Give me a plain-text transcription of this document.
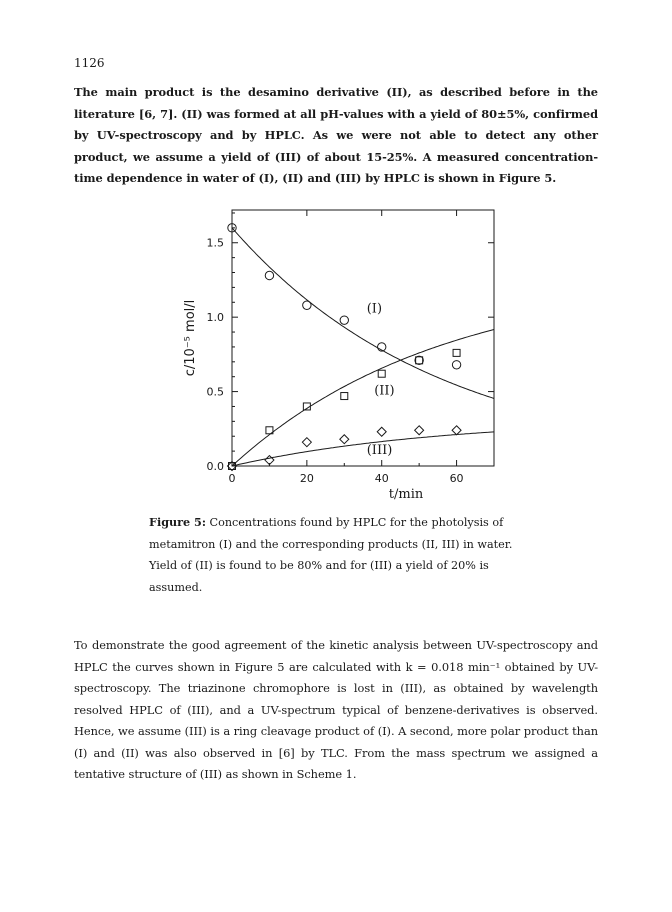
1126

The main product is the desamino derivative (II), as described before in the literature [6, 7]. (II) was formed at all pH-values with a yield of 80±5%, confirmed by UV-spectroscopy and by HPLC. As we were not able to detect any other product, we assume a yield of (III) of about 15-25%. A measured concentration-time dependence in water of (I), (II) and (III) by HPLC is shown in Figure 5.

0	20	40	60
0.0
0.5
1.0
1.5
t/min
c/10⁻⁵ mol/l	(I)
(II)
(III)

Figure 5: Concentrations found by HPLC for the photolysis of metamitron (I) and the corresponding products (II, III) in water. Yield of (II) is found to be 80% and for (III) a yield of 20% is assumed.

To demonstrate the good agreement of the kinetic analysis between UV-spectroscopy and HPLC the curves shown in Figure 5 are calculated with k = 0.018 min⁻¹ obtained by UV-spectroscopy. The triazinone chromophore is lost in (III), as obtained by wavelength resolved HPLC of (III), and a UV-spectrum typical of benzene-derivatives is observed. Hence, we assume (III) is a ring cleavage product of (I). A second, more polar product than (I) and (II) was also observed in [6] by TLC. From the mass spectrum we assigned a tentative structure of (III) as shown in Scheme 1.
